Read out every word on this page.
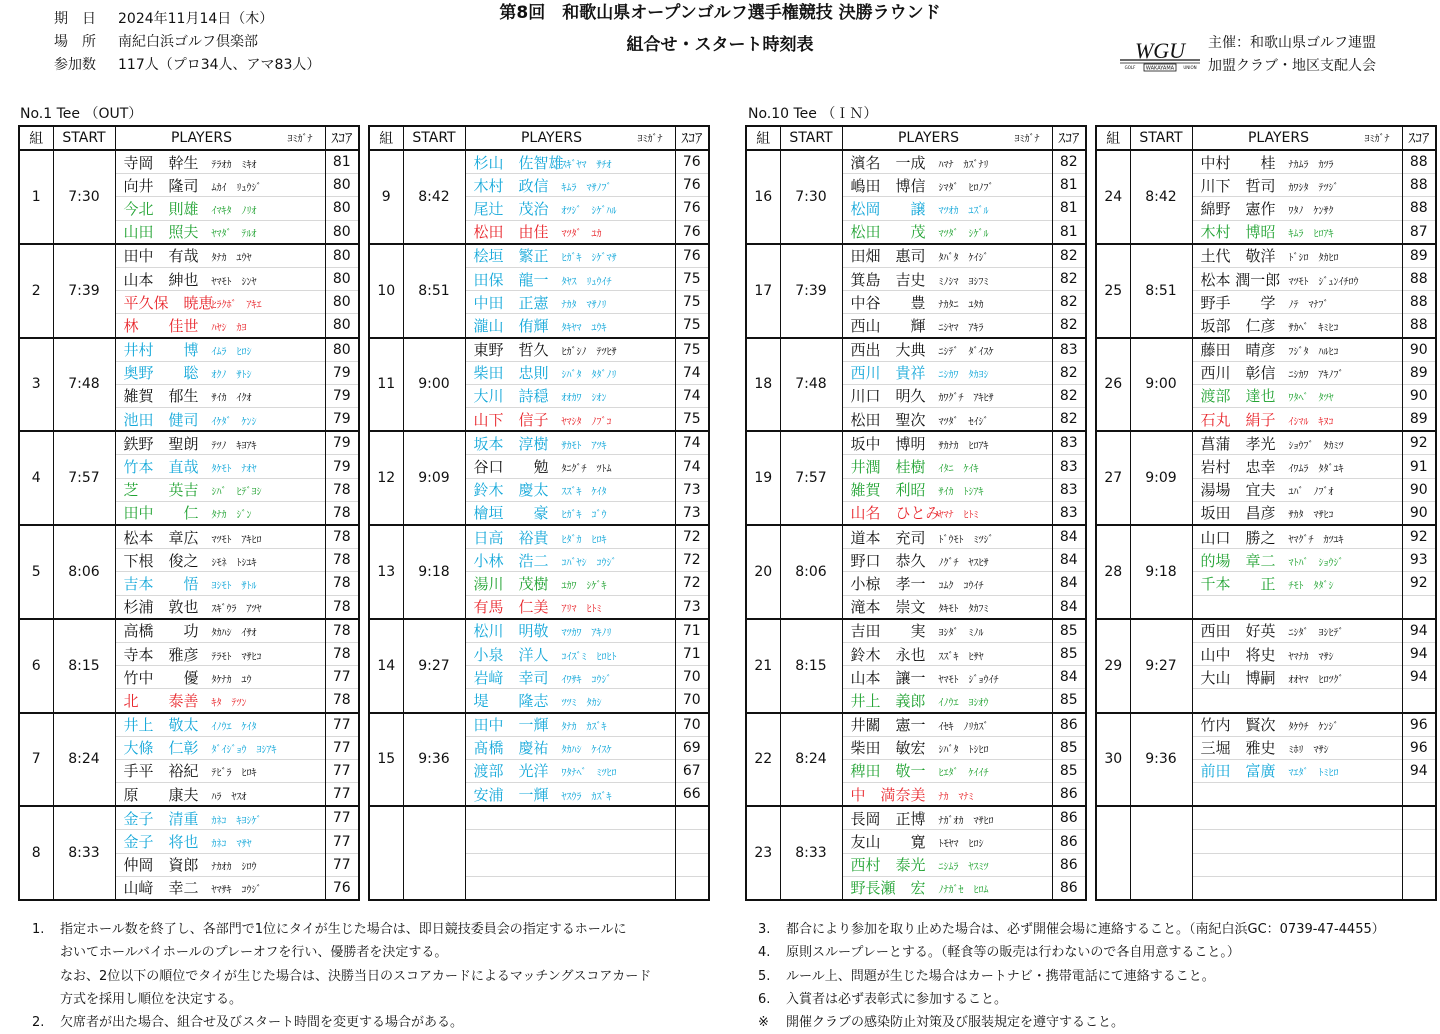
期　日	2024年11月14日（木）
場　所	南紀白浜ゴルフ倶楽部
参加数	117人（プロ34人、アマ83人）
第8回　和歌山県オープンゴルフ選手権競技 決勝ラウンド
組合せ・スタート時刻表	WGU
WAKAYAMA
GOLF	UNION
主催：和歌山県ゴルフ連盟
加盟クラブ・地区支配人会
No.1 Tee （OUT）	No.10 Tee （ＩＮ）
組	START	PLAYERS ﾖﾐｶﾞﾅ	ｽｺｱ
1	7:30	寺岡　幹生 ﾃﾗｵｶ　ﾐｷｵ	81
		向井　隆司 ﾑｶｲ　ﾘｭｳｼﾞ	80
		今北　則雄 ｲﾏｷﾀ　ﾉﾘｵ	80
		山田　照夫 ﾔﾏﾀﾞ　ﾃﾙｵ	80
2	7:39	田中　有哉 ﾀﾅｶ　ﾕｳﾔ	80
		山本　紳也 ﾔﾏﾓﾄ　ｼﾝﾔ	80
		平久保　暁恵ﾋﾗｸﾎﾞ　ｱｷｴ	80
		林　　佳世 ﾊﾔｼ　ｶﾖ	80
3	7:48	井村　　博 ｲﾑﾗ　ﾋﾛｼ	80
		奥野　　聡 ｵｸﾉ　ｻﾄｼ	79
		雑賀　郁生 ｻｲｶ　ｲｸｵ	79
		池田　健司 ｲｹﾀﾞ　ｹﾝｼ	79
4	7:57	鉄野　聖朗 ﾃﾂﾉ　ｷﾖｱｷ	79
		竹本　直哉 ﾀｹﾓﾄ　ﾅｵﾔ	79
		芝　　英吉 ｼﾊﾞ　ﾋﾃﾞﾖｼ	78
		田中　　仁 ﾀﾅｶ　ｼﾞﾝ	78
5	8:06	松本　章広 ﾏﾂﾓﾄ　ｱｷﾋﾛ	78
		下根　俊之 ｼﾓﾈ　ﾄｼﾕｷ	78
		吉本　　悟 ﾖｼﾓﾄ　ｻﾄﾙ	78
		杉浦　敦也 ｽｷﾞｳﾗ　ｱﾂﾔ	78
6	8:15	高橋　　功 ﾀｶﾊｼ　ｲｻｵ	78
		寺本　雅彦 ﾃﾗﾓﾄ　ﾏｻﾋｺ	78
		竹中　　優 ﾀｹﾅｶ　ﾕｳ	77
		北　　泰善 ｷﾀ　ﾃﾂﾝ	78
7	8:24	井上　敬太 ｲﾉｳｴ　ｹｲﾀ	77
		大條　仁彰 ﾀﾞｲｼﾞｮｳ　ﾖｼｱｷ	77
		手平　裕紀 ﾃﾋﾞﾗ　ﾋﾛｷ	77
		原　　康夫 ﾊﾗ　ﾔｽｵ	77
8	8:33	金子　清重 ｶﾈｺ　ｷﾖｼｹﾞ	77
		金子　将也 ｶﾈｺ　ﾏｻﾔ	77
		仲岡　資郎 ﾅｶｵｶ　ｼﾛｳ	77
		山﨑　幸二 ﾔﾏｻｷ　ｺｳｼﾞ	76
組	START	PLAYERS ﾖﾐｶﾞﾅ	ｽｺｱ
9	8:42	杉山　佐智雄ｽｷﾞﾔﾏ　ｻﾁｵ	76
		木村　政信 ｷﾑﾗ　ﾏｻﾉﾌﾞ	76
		尾辻　茂治 ｵﾂｼﾞ　ｼｹﾞﾊﾙ	76
		松田　由佳 ﾏﾂﾀﾞ　ﾕｶ	76
10	8:51	桧垣　繁正 ﾋｶﾞｷ　ｼｹﾞﾏｻ	76
		田保　龍一 ﾀﾔｽ　ﾘｭｳｲﾁ	75
		中田　正憲 ﾅｶﾀ　ﾏｻﾉﾘ	75
		瀧山　侑輝 ﾀｷﾔﾏ　ﾕｳｷ	75
11	9:00	東野　哲久 ﾋｶﾞｼﾉ　ﾃﾂﾋｻ	75
		柴田　忠則 ｼﾊﾞﾀ　ﾀﾀﾞﾉﾘ	74
		大川　詩穏 ｵｵｶﾜ　ｼｵﾝ	74
		山下　信子 ﾔﾏｼﾀ　ﾉﾌﾞｺ	75
12	9:09	坂本　淳樹 ｻｶﾓﾄ　ｱﾂｷ	74
		谷口　　勉 ﾀﾆｸﾞﾁ　ﾂﾄﾑ	74
		鈴木　慶太 ｽｽﾞｷ　ｹｲﾀ	73
		檜垣　　豪 ﾋｶﾞｷ　ｺﾞｳ	73
13	9:18	日高　裕貴 ﾋﾀﾞｶ　ﾋﾛｷ	72
		小林　浩二 ｺﾊﾞﾔｼ　ｺｳｼﾞ	72
		湯川　茂樹 ﾕｶﾜ　ｼｹﾞｷ	72
		有馬　仁美 ｱﾘﾏ　ﾋﾄﾐ	73
14	9:27	松川　明敬 ﾏﾂｶﾜ　ｱｷﾉﾘ	71
		小泉　洋人 ｺｲｽﾞﾐ　ﾋﾛﾋﾄ	71
		岩﨑　幸司 ｲﾜｻｷ　ｺｳｼﾞ	70
		堤　　隆志 ﾂﾂﾐ　ﾀｶｼ	70
15	9:36	田中　一輝 ﾀﾅｶ　ｶｽﾞｷ	70
		髙橋　慶祐 ﾀｶﾊｼ　ｹｲｽｹ	69
		渡部　光洋 ﾜﾀﾅﾍﾞ　ﾐﾂﾋﾛ	67
		安浦　一輝 ﾔｽｳﾗ　ｶｽﾞｷ	66

組	START	PLAYERS ﾖﾐｶﾞﾅ	ｽｺｱ
16	7:30	濱名　一成 ﾊﾏﾅ　ｶｽﾞﾅﾘ	82
		嶋田　博信 ｼﾏﾀﾞ　ﾋﾛﾉﾌﾞ	81
		松岡　　譲 ﾏﾂｵｶ　ﾕｽﾞﾙ	81
		松田　　茂 ﾏﾂﾀﾞ　ｼｹﾞﾙ	81
17	7:39	田畑　惠司 ﾀﾊﾞﾀ　ｹｲｼﾞ	82
		箕島　吉史 ﾐﾉｼﾏ　ﾖｼﾌﾐ	82
		中谷　　豊 ﾅｶﾀﾆ　ﾕﾀｶ	82
		西山　　輝 ﾆｼﾔﾏ　ｱｷﾗ	82
18	7:48	西出　大典 ﾆｼﾃﾞ　ﾀﾞｲｽｹ	83
		西川　貴祥 ﾆｼｶﾜ　ﾀｶﾖｼ	82
		川口　明久 ｶﾜｸﾞﾁ　ｱｷﾋｻ	82
		松田　聖次 ﾏﾂﾀﾞ　ｾｲｼﾞ	82
19	7:57	坂中　博明 ｻｶﾅｶ　ﾋﾛｱｷ	83
		井潤　桂樹 ｲﾀﾆ　ｹｲｷ	83
		雑賀　利昭 ｻｲｶ　ﾄｼｱｷ	83
		山名　ひとみﾔﾏﾅ　ﾋﾄﾐ	83
20	8:06	道本　充司 ﾄﾞｳﾓﾄ　ﾐﾂｼﾞ	84
		野口　恭久 ﾉｸﾞﾁ　ﾔｽﾋｻ	84
		小椋　孝一 ｺﾑｸ　ｺｳｲﾁ	84
		滝本　崇文 ﾀｷﾓﾄ　ﾀｶﾌﾐ	84
21	8:15	吉田　　実 ﾖｼﾀﾞ　ﾐﾉﾙ	85
		鈴木　永也 ｽｽﾞｷ　ﾋｻﾔ	85
		山本　讓一 ﾔﾏﾓﾄ　ｼﾞｮｳｲﾁ	84
		井上　義郎 ｲﾉｳｴ　ﾖｼｵｳ	85
22	8:24	井關　憲一 ｲｾｷ　ﾉﾘｶｽﾞ	86
		柴田　敏宏 ｼﾊﾞﾀ　ﾄｼﾋﾛ	85
		稗田　敬一 ﾋｴﾀﾞ　ｹｲｲﾁ	85
		中　満奈美 ﾅｶ　ﾏﾅﾐ	86
23	8:33	長岡　正博 ﾅｶﾞｵｶ　ﾏｻﾋﾛ	86
		友山　　寛 ﾄﾓﾔﾏ　ﾋﾛｼ	86
		西村　泰光 ﾆｼﾑﾗ　ﾔｽﾐﾂ	86
		野長瀬　宏 ﾉﾅｶﾞｾ　ﾋﾛﾑ	86
組	START	PLAYERS ﾖﾐｶﾞﾅ	ｽｺｱ
24	8:42	中村　　桂 ﾅｶﾑﾗ　ｶﾂﾗ	88
		川下　哲司 ｶﾜｼﾀ　ﾃﾂｼﾞ	88
		綿野　憲作 ﾜﾀﾉ　ｹﾝｻｸ	88
		木村　博昭 ｷﾑﾗ　ﾋﾛｱｷ	87
25	8:51	土代　敬洋 ﾄﾞｼﾛ　ﾀｶﾋﾛ	89
		松本 潤一郎 ﾏﾂﾓﾄ　ｼﾞｭﾝｲﾁﾛｳ	88
		野手　　学 ﾉﾃ　ﾏﾅﾌﾞ	88
		坂部　仁彦 ｻｶﾍﾞ　ｷﾐﾋｺ	88
26	9:00	藤田　晴彦 ﾌｼﾞﾀ　ﾊﾙﾋｺ	90
		西川　彰信 ﾆｼｶﾜ　ｱｷﾉﾌﾞ	89
		渡部　達也 ﾜﾀﾍﾞ　ﾀﾂﾔ	90
		石丸　絹子 ｲｼﾏﾙ　ｷﾇｺ	89
27	9:09	菖蒲　孝光 ｼｮｳﾌﾞ　ﾀｶﾐﾂ	92
		岩村　忠幸 ｲﾜﾑﾗ　ﾀﾀﾞﾕｷ	91
		湯場　宜夫 ﾕﾊﾞ　ﾉﾌﾞｵ	90
		坂田　昌彦 ｻｶﾀ　ﾏｻﾋｺ	90
28	9:18	山口　勝之 ﾔﾏｸﾞﾁ　ｶﾂﾕｷ	92
		的場　章二 ﾏﾄﾊﾞ　ｼｮｳｼﾞ	93
		千本　　正 ﾁﾓﾄ　ﾀﾀﾞｼ	92

29	9:27	西田　好英 ﾆｼﾀﾞ　ﾖｼﾋﾃﾞ	94
		山中　将史 ﾔﾏﾅｶ　ﾏｻｼ	94
		大山　博嗣 ｵｵﾔﾏ　ﾋﾛﾂｸﾞ	94

30	9:36	竹内　賢次 ﾀｹｳﾁ　ｹﾝｼﾞ	96
		三堀　雅史 ﾐﾎﾘ　ﾏｻｼ	96
		前田　富廣 ﾏｴﾀﾞ　ﾄﾐﾋﾛ	94

1.	指定ホール数を終了し、各部門で1位にタイが生じた場合は、即日競技委員会の指定するホールに
おいてホールバイホールのプレーオフを行い、優勝者を決定する。
なお、2位以下の順位でタイが生じた場合は、決勝当日のスコアカードによるマッチングスコアカード
方式を採用し順位を決定する。
2.	欠席者が出た場合、組合せ及びスタート時間を変更する場合がある。
3.	都合により参加を取り止めた場合は、必ず開催会場に連絡すること。（南紀白浜GC：0739-47-4455）
4.	原則スループレーとする。（軽食等の販売は行わないので各自用意すること。）
5.	ルール上、問題が生じた場合はカートナビ・携帯電話にて連絡すること。
6.	入賞者は必ず表彰式に参加すること。
※	開催クラブの感染防止対策及び服装規定を遵守すること。
